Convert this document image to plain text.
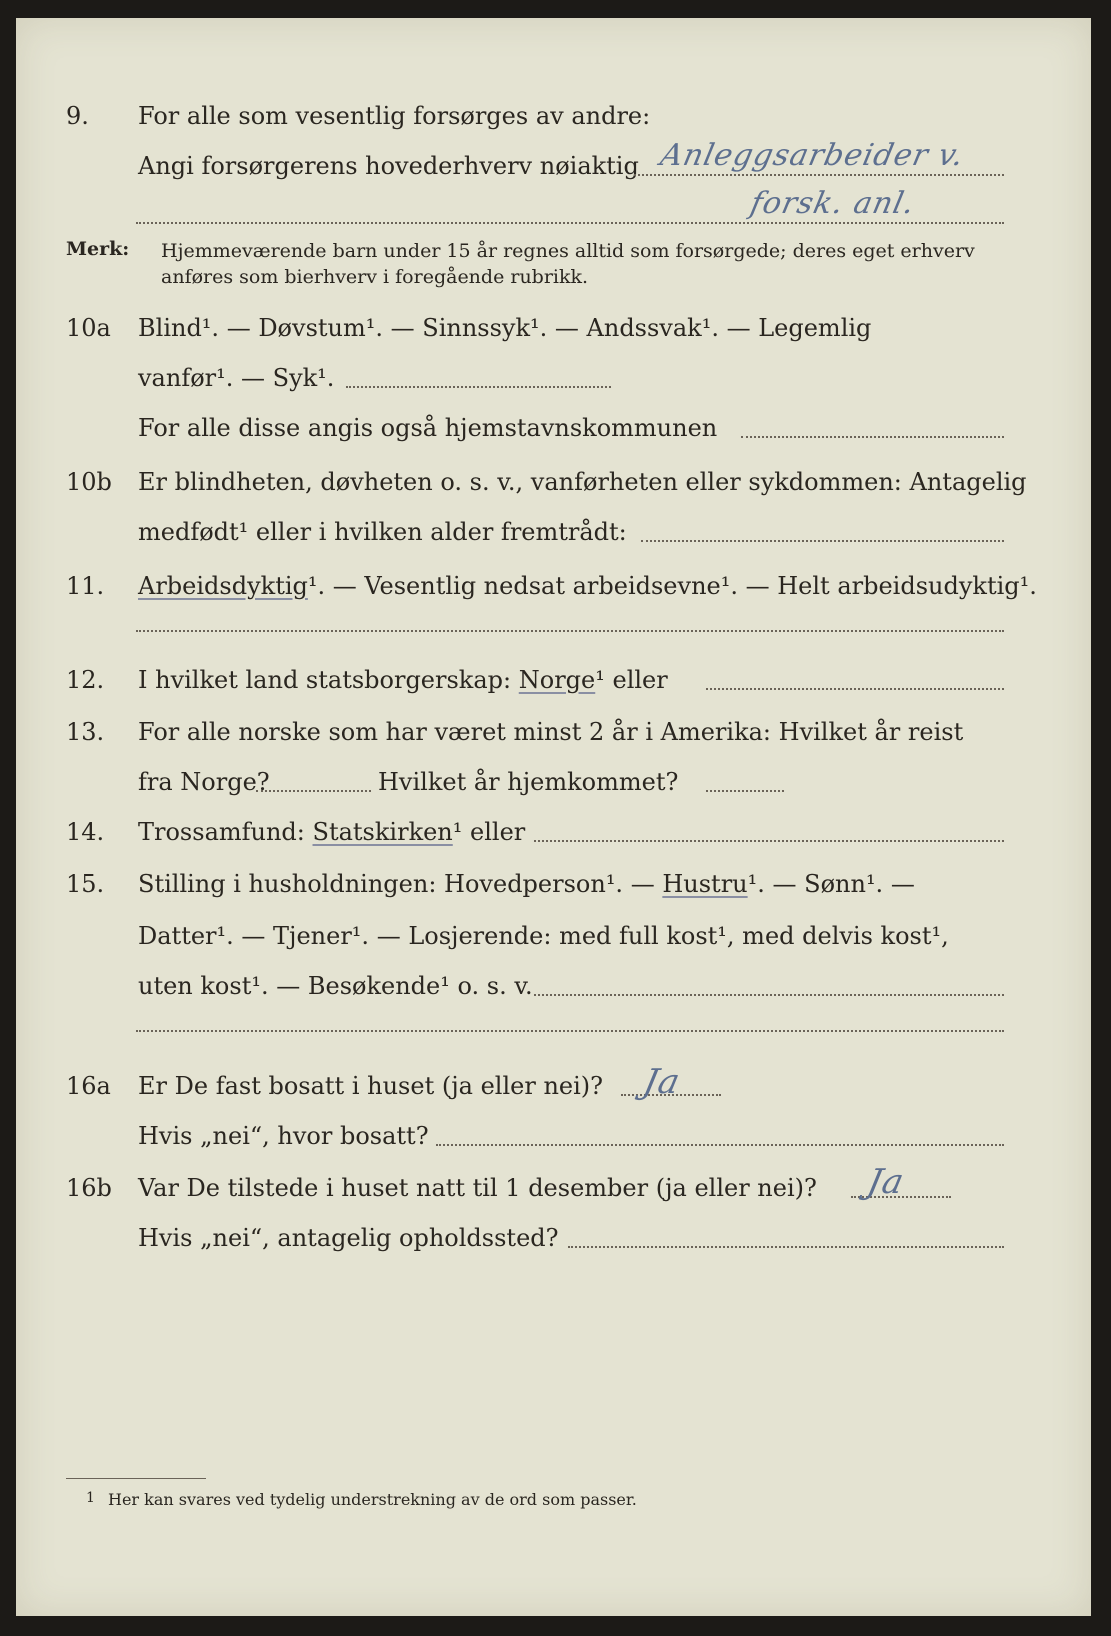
9. For alle som vesentlig forsørges av andre:
Angi forsørgerens hovederhverv nøiaktig Anleggsarbeider v.
forsk. anl.
Merk: Hjemmeværende barn under 15 år regnes alltid som forsørgede; deres eget erhverv
anføres som bierhverv i foregående rubrikk.
10a Blind¹. — Døvstum¹. — Sinnssyk¹. — Andssvak¹. — Legemlig
vanfør¹. — Syk¹.
For alle disse angis også hjemstavnskommunen
10b Er blindheten, døvheten o. s. v., vanførheten eller sykdommen: Antagelig
medfødt¹ eller i hvilken alder fremtrådt:
11. Arbeidsdyktig¹. — Vesentlig nedsat arbeidsevne¹. — Helt arbeidsudyktig¹.
12. I hvilket land statsborgerskap: Norge¹ eller
13. For alle norske som har været minst 2 år i Amerika: Hvilket år reist
fra Norge?	Hvilket år hjemkommet?
14. Trossamfund: Statskirken¹ eller
15. Stilling i husholdningen: Hovedperson¹. — Hustru¹. — Sønn¹. —
Datter¹. — Tjener¹. — Losjerende: med full kost¹, med delvis kost¹,
uten kost¹. — Besøkende¹ o. s. v.
16a Er De fast bosatt i huset (ja eller nei)? Ja
Hvis „nei“, hvor bosatt?
16b Var De tilstede i huset natt til 1 desember (ja eller nei)? Ja
Hvis „nei“, antagelig opholdssted?
1 Her kan svares ved tydelig understrekning av de ord som passer.
